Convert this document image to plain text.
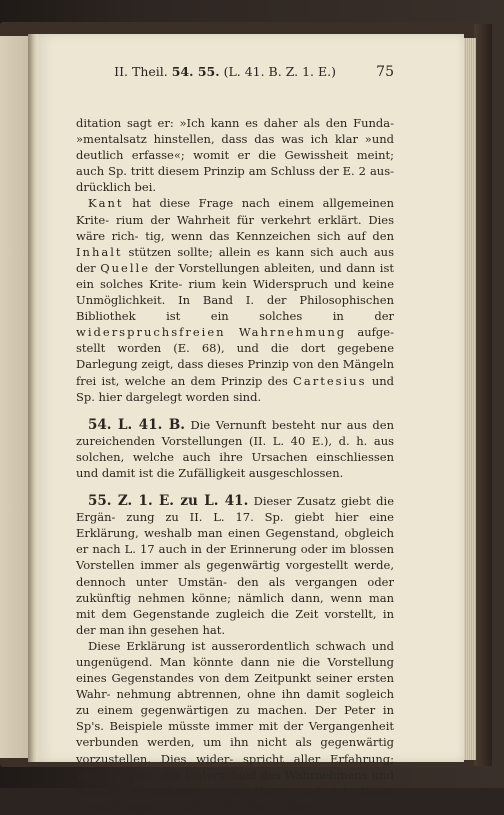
II. Theil. 54. 55. (L. 41. B. Z. 1. E.)	75

ditation sagt er: »Ich kann es daher als den Funda- »mentalsatz hinstellen, dass das was ich klar »und deutlich erfasse«; womit er die Gewissheit meint; auch Sp. tritt diesem Prinzip am Schluss der E. 2 aus- drücklich bei.

Kant hat diese Frage nach einem allgemeinen Krite- rium der Wahrheit für verkehrt erklärt. Dies wäre rich- tig, wenn das Kennzeichen sich auf den Inhalt stützen sollte; allein es kann sich auch aus der Quelle der Vorstellungen ableiten, und dann ist ein solches Krite- rium kein Widerspruch und keine Unmöglichkeit. In Band I. der Philosophischen Bibliothek ist ein solches in der widerspruchsfreien Wahrnehmung aufge- stellt worden (E. 68), und die dort gegebene Darlegung zeigt, dass dieses Prinzip von den Mängeln frei ist, welche an dem Prinzip des Cartesius und Sp. hier dargelegt worden sind.

54. L. 41. B. Die Vernunft besteht nur aus den zureichenden Vorstellungen (II. L. 40 E.), d. h. aus solchen, welche auch ihre Ursachen einschliessen und damit ist die Zufälligkeit ausgeschlossen.

55. Z. 1. E. zu L. 41. Dieser Zusatz giebt die Ergän- zung zu II. L. 17. Sp. giebt hier eine Erklärung, weshalb man einen Gegenstand, obgleich er nach L. 17 auch in der Erinnerung oder im blossen Vorstellen immer als gegenwärtig vorgestellt werde, dennoch unter Umstän- den als vergangen oder zukünftig nehmen könne; nämlich dann, wenn man mit dem Gegenstande zugleich die Zeit vorstellt, in der man ihn gesehen hat.

Diese Erklärung ist ausserordentlich schwach und ungenügend. Man könnte dann nie die Vorstellung eines Gegenstandes von dem Zeitpunkt seiner ersten Wahr- nehmung abtrennen, ohne ihn damit sogleich zu einem gegenwärtigen zu machen. Der Peter in Sp's. Beispiele müsste immer mit der Vergangenheit verbunden werden, um ihn nicht als gegenwärtig vorzustellen. Dies wider- spricht aller Erfahrung; vielmehr liegt der Unterschied des Wahrnehmens und blossen Vorstellens in der Natur und Art dieser Vorstellungen an sich, nicht aber in dem.
